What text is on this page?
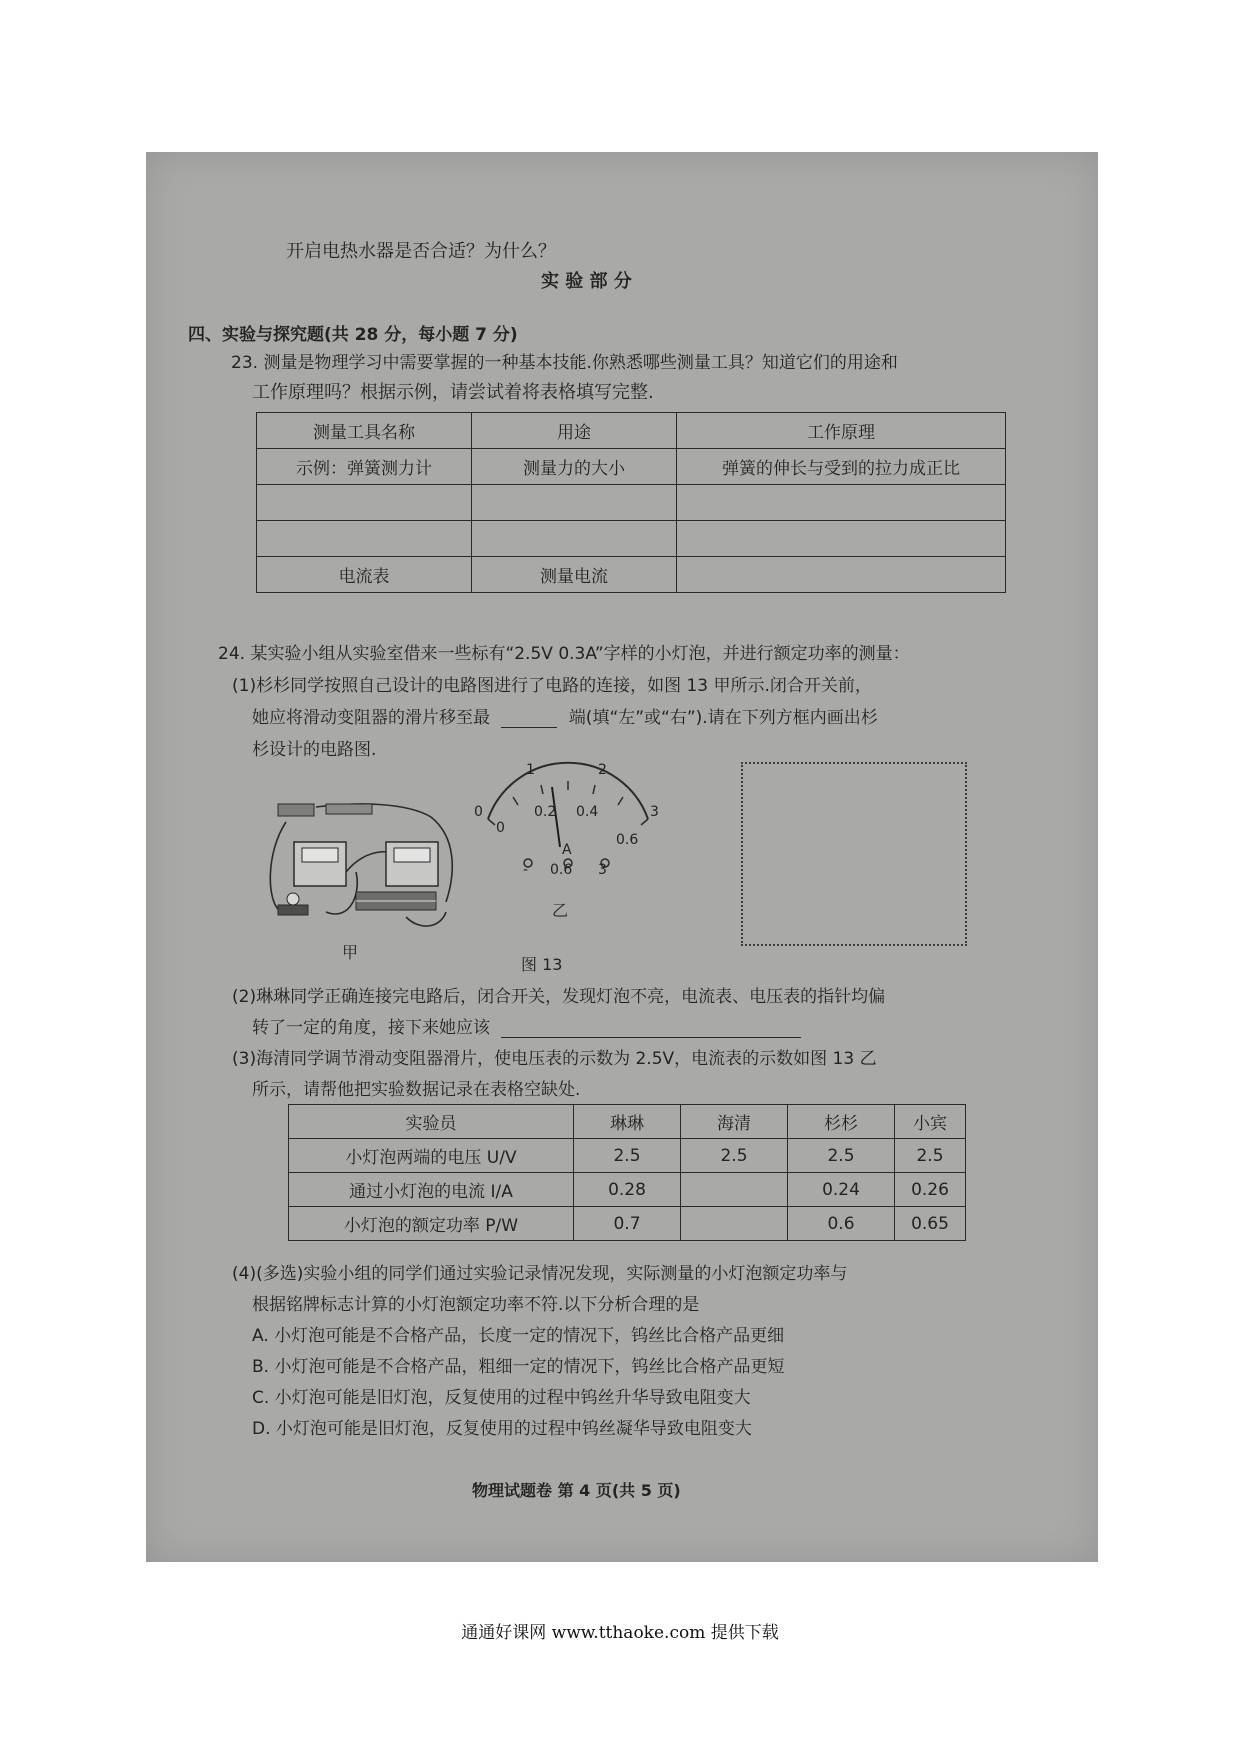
开启电热水器是否合适？为什么？
实 验 部 分
四、实验与探究题(共 28 分，每小题 7 分)
23. 测量是物理学习中需要掌握的一种基本技能.你熟悉哪些测量工具？知道它们的用途和
工作原理吗？根据示例，请尝试着将表格填写完整.
测量工具名称	用途	工作原理
示例：弹簧测力计	测量力的大小	弹簧的伸长与受到的拉力成正比

电流表	测量电流	
24. 某实验小组从实验室借来一些标有“2.5V 0.3A”字样的小灯泡，并进行额定功率的测量：
(1)杉杉同学按照自己设计的电路图进行了电路的连接，如图 13 甲所示.闭合开关前，
她应将滑动变阻器的滑片移至最	端(填“左”或“右”).请在下列方框内画出杉
杉设计的电路图.
甲
0
1	2
3
0
0.2 0.4
0.6
A
- 0.6 3
乙
图 13
(2)琳琳同学正确连接完电路后，闭合开关，发现灯泡不亮，电流表、电压表的指针均偏
转了一定的角度，接下来她应该
(3)海清同学调节滑动变阻器滑片，使电压表的示数为 2.5V，电流表的示数如图 13 乙
所示，请帮他把实验数据记录在表格空缺处.
实验员	琳琳	海清	杉杉	小宾
小灯泡两端的电压 U/V	2.5	2.5	2.5	2.5
通过小灯泡的电流 I/A	0.28		0.24	0.26
小灯泡的额定功率 P/W	0.7		0.6	0.65
(4)(多选)实验小组的同学们通过实验记录情况发现，实际测量的小灯泡额定功率与
根据铭牌标志计算的小灯泡额定功率不符.以下分析合理的是
A. 小灯泡可能是不合格产品，长度一定的情况下，钨丝比合格产品更细
B. 小灯泡可能是不合格产品，粗细一定的情况下，钨丝比合格产品更短
C. 小灯泡可能是旧灯泡，反复使用的过程中钨丝升华导致电阻变大
D. 小灯泡可能是旧灯泡，反复使用的过程中钨丝凝华导致电阻变大
物理试题卷 第 4 页(共 5 页)
通通好课网 www.tthaoke.com 提供下载
